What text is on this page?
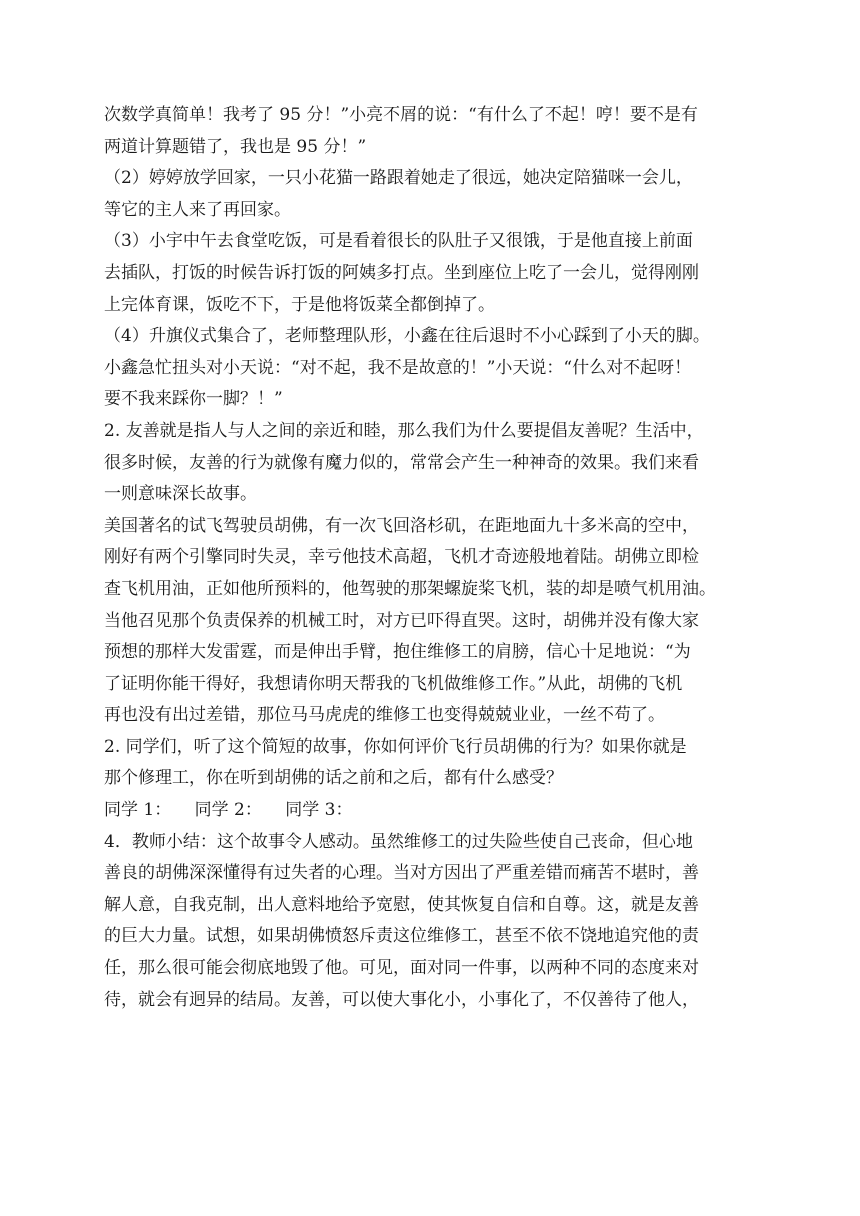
次数学真简单！我考了 95 分！”小亮不屑的说：“有什么了不起！哼！要不是有
两道计算题错了，我也是 95 分！”
（2）婷婷放学回家，一只小花猫一路跟着她走了很远，她决定陪猫咪一会儿，
等它的主人来了再回家。
（3）小宇中午去食堂吃饭，可是看着很长的队肚子又很饿，于是他直接上前面
去插队，打饭的时候告诉打饭的阿姨多打点。坐到座位上吃了一会儿，觉得刚刚
上完体育课，饭吃不下，于是他将饭菜全都倒掉了。
（4）升旗仪式集合了，老师整理队形，小鑫在往后退时不小心踩到了小天的脚。
小鑫急忙扭头对小天说：“对不起，我不是故意的！”小天说：“什么对不起呀！
要不我来踩你一脚？！”
2. 友善就是指人与人之间的亲近和睦，那么我们为什么要提倡友善呢？生活中，
很多时候，友善的行为就像有魔力似的，常常会产生一种神奇的效果。我们来看
一则意味深长故事。
美国著名的试飞驾驶员胡佛，有一次飞回洛杉矶，在距地面九十多米高的空中，
刚好有两个引擎同时失灵，幸亏他技术高超，飞机才奇迹般地着陆。胡佛立即检
查飞机用油，正如他所预料的，他驾驶的那架螺旋桨飞机，装的却是喷气机用油。
当他召见那个负责保养的机械工时，对方已吓得直哭。这时，胡佛并没有像大家
预想的那样大发雷霆，而是伸出手臂，抱住维修工的肩膀，信心十足地说：“为
了证明你能干得好，我想请你明天帮我的飞机做维修工作。”从此，胡佛的飞机
再也没有出过差错，那位马马虎虎的维修工也变得兢兢业业，一丝不苟了。
2. 同学们，听了这个简短的故事，你如何评价飞行员胡佛的行为？如果你就是
那个修理工，你在听到胡佛的话之前和之后，都有什么感受？
同学 1： 同学 2： 同学 3：
4．教师小结：这个故事令人感动。虽然维修工的过失险些使自己丧命，但心地
善良的胡佛深深懂得有过失者的心理。当对方因出了严重差错而痛苦不堪时，善
解人意，自我克制，出人意料地给予宽慰，使其恢复自信和自尊。这，就是友善
的巨大力量。试想，如果胡佛愤怒斥责这位维修工，甚至不依不饶地追究他的责
任，那么很可能会彻底地毁了他。可见，面对同一件事，以两种不同的态度来对
待，就会有迥异的结局。友善，可以使大事化小，小事化了，不仅善待了他人，
